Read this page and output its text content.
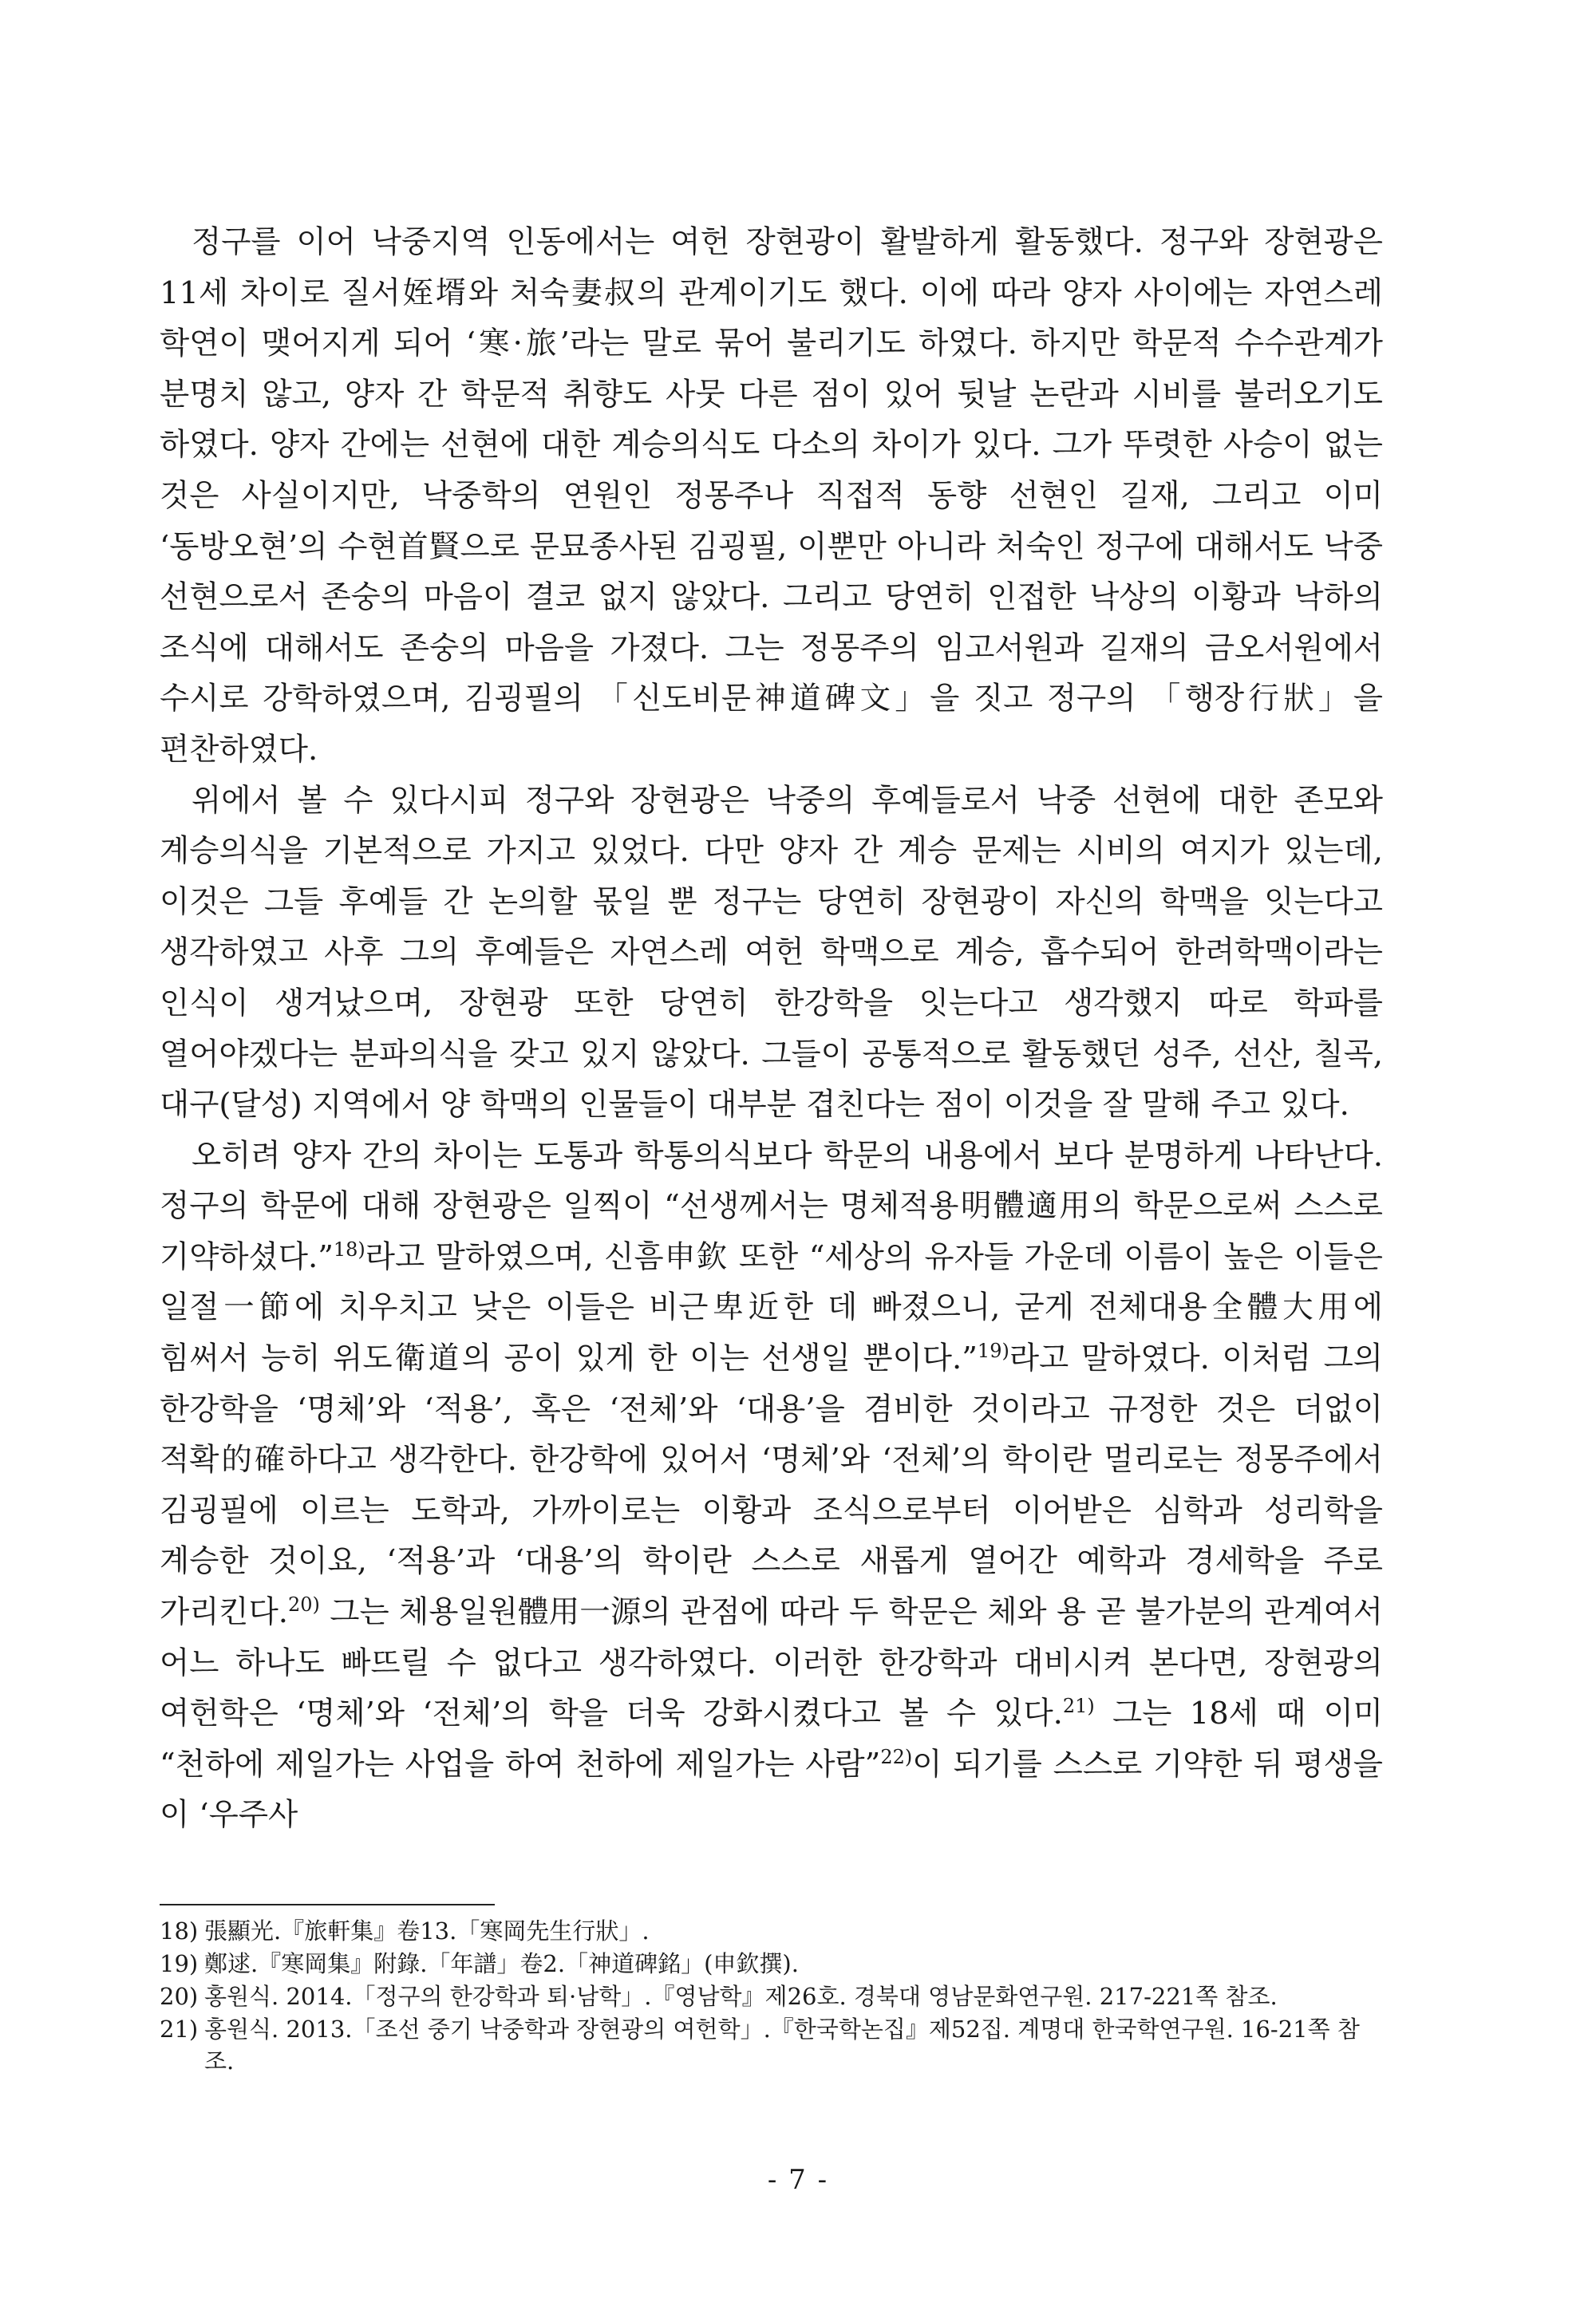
정구를 이어 낙중지역 인동에서는 여헌 장현광이 활발하게 활동했다. 정구와 장현광은 11세 차이로 질서姪壻와 처숙妻叔의 관계이기도 했다. 이에 따라 양자 사이에는 자연스레 학연이 맺어지게 되어 ‘寒·旅’라는 말로 묶어 불리기도 하였다. 하지만 학문적 수수관계가 분명치 않고, 양자 간 학문적 취향도 사뭇 다른 점이 있어 뒷날 논란과 시비를 불러오기도 하였다. 양자 간에는 선현에 대한 계승의식도 다소의 차이가 있다. 그가 뚜렷한 사승이 없는 것은 사실이지만, 낙중학의 연원인 정몽주나 직접적 동향 선현인 길재, 그리고 이미 ‘동방오현’의 수현首賢으로 문묘종사된 김굉필, 이뿐만 아니라 처숙인 정구에 대해서도 낙중 선현으로서 존숭의 마음이 결코 없지 않았다. 그리고 당연히 인접한 낙상의 이황과 낙하의 조식에 대해서도 존숭의 마음을 가졌다. 그는 정몽주의 임고서원과 길재의 금오서원에서 수시로 강학하였으며, 김굉필의 「신도비문神道碑文」을 짓고 정구의 「행장行狀」을 편찬하였다.

위에서 볼 수 있다시피 정구와 장현광은 낙중의 후예들로서 낙중 선현에 대한 존모와 계승의식을 기본적으로 가지고 있었다. 다만 양자 간 계승 문제는 시비의 여지가 있는데, 이것은 그들 후예들 간 논의할 몫일 뿐 정구는 당연히 장현광이 자신의 학맥을 잇는다고 생각하였고 사후 그의 후예들은 자연스레 여헌 학맥으로 계승, 흡수되어 한려학맥이라는 인식이 생겨났으며, 장현광 또한 당연히 한강학을 잇는다고 생각했지 따로 학파를 열어야겠다는 분파의식을 갖고 있지 않았다. 그들이 공통적으로 활동했던 성주, 선산, 칠곡, 대구(달성) 지역에서 양 학맥의 인물들이 대부분 겹친다는 점이 이것을 잘 말해 주고 있다.

오히려 양자 간의 차이는 도통과 학통의식보다 학문의 내용에서 보다 분명하게 나타난다. 정구의 학문에 대해 장현광은 일찍이 “선생께서는 명체적용明體適用의 학문으로써 스스로 기약하셨다.”$^{18)}$라고 말하였으며, 신흠申欽 또한 “세상의 유자들 가운데 이름이 높은 이들은 일절一節에 치우치고 낮은 이들은 비근卑近한 데 빠졌으니, 굳게 전체대용全體大用에 힘써서 능히 위도衛道의 공이 있게 한 이는 선생일 뿐이다.”$^{19)}$라고 말하였다. 이처럼 그의 한강학을 ‘명체’와 ‘적용’, 혹은 ‘전체’와 ‘대용’을 겸비한 것이라고 규정한 것은 더없이 적확的確하다고 생각한다. 한강학에 있어서 ‘명체’와 ‘전체’의 학이란 멀리로는 정몽주에서 김굉필에 이르는 도학과, 가까이로는 이황과 조식으로부터 이어받은 심학과 성리학을 계승한 것이요, ‘적용’과 ‘대용’의 학이란 스스로 새롭게 열어간 예학과 경세학을 주로 가리킨다.$^{20)}$ 그는 체용일원體用一源의 관점에 따라 두 학문은 체와 용 곧 불가분의 관계여서 어느 하나도 빠뜨릴 수 없다고 생각하였다. 이러한 한강학과 대비시켜 본다면, 장현광의 여헌학은 ‘명체’와 ‘전체’의 학을 더욱 강화시켰다고 볼 수 있다.$^{21)}$ 그는 18세 때 이미 “천하에 제일가는 사업을 하여 천하에 제일가는 사람”$^{22)}$이 되기를 스스로 기약한 뒤 평생을 이 ‘우주사

18) 張顯光.『旅軒集』卷13.「寒岡先生行狀」.
19) 鄭逑.『寒岡集』附錄.「年譜」卷2.「神道碑銘」(申欽撰).
20) 홍원식. 2014.「정구의 한강학과 퇴·남학」.『영남학』제26호. 경북대 영남문화연구원. 217-221쪽 참조.
21) 홍원식. 2013.「조선 중기 낙중학과 장현광의 여헌학」.『한국학논집』제52집. 계명대 한국학연구원. 16-21쪽 참조.
- 7 -
